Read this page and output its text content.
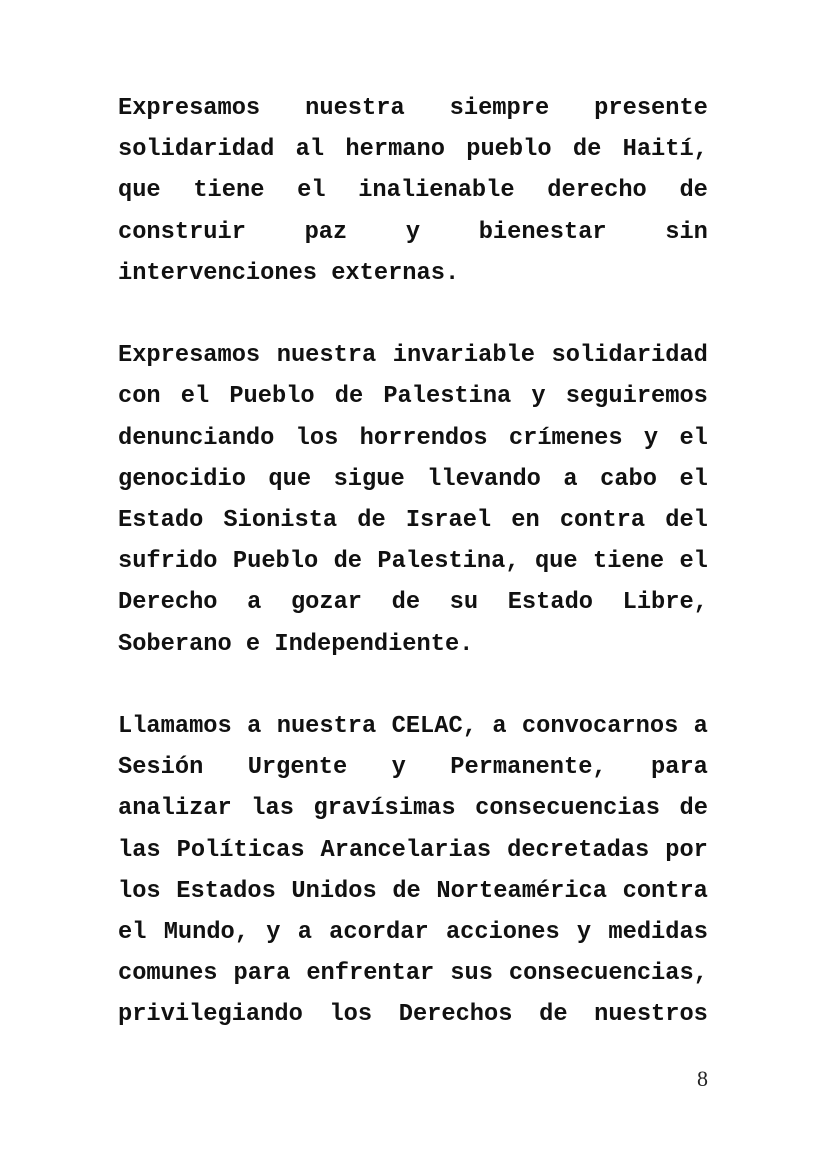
Expresamos nuestra siempre presente solidaridad al hermano pueblo de Haití, que tiene el inalienable derecho de construir paz y bienestar sin intervenciones externas.

Expresamos nuestra invariable solidaridad con el Pueblo de Palestina y seguiremos denunciando los horrendos crímenes y el genocidio que sigue llevando a cabo el Estado Sionista de Israel en contra del sufrido Pueblo de Palestina, que tiene el Derecho a gozar de su Estado Libre, Soberano e Independiente.

Llamamos a nuestra CELAC, a convocarnos a Sesión Urgente y Permanente, para analizar las gravísimas consecuencias de las Políticas Arancelarias decretadas por los Estados Unidos de Norteamérica contra el Mundo, y a acordar acciones y medidas comunes para enfrentar sus consecuencias, privilegiando los Derechos de nuestros

8
